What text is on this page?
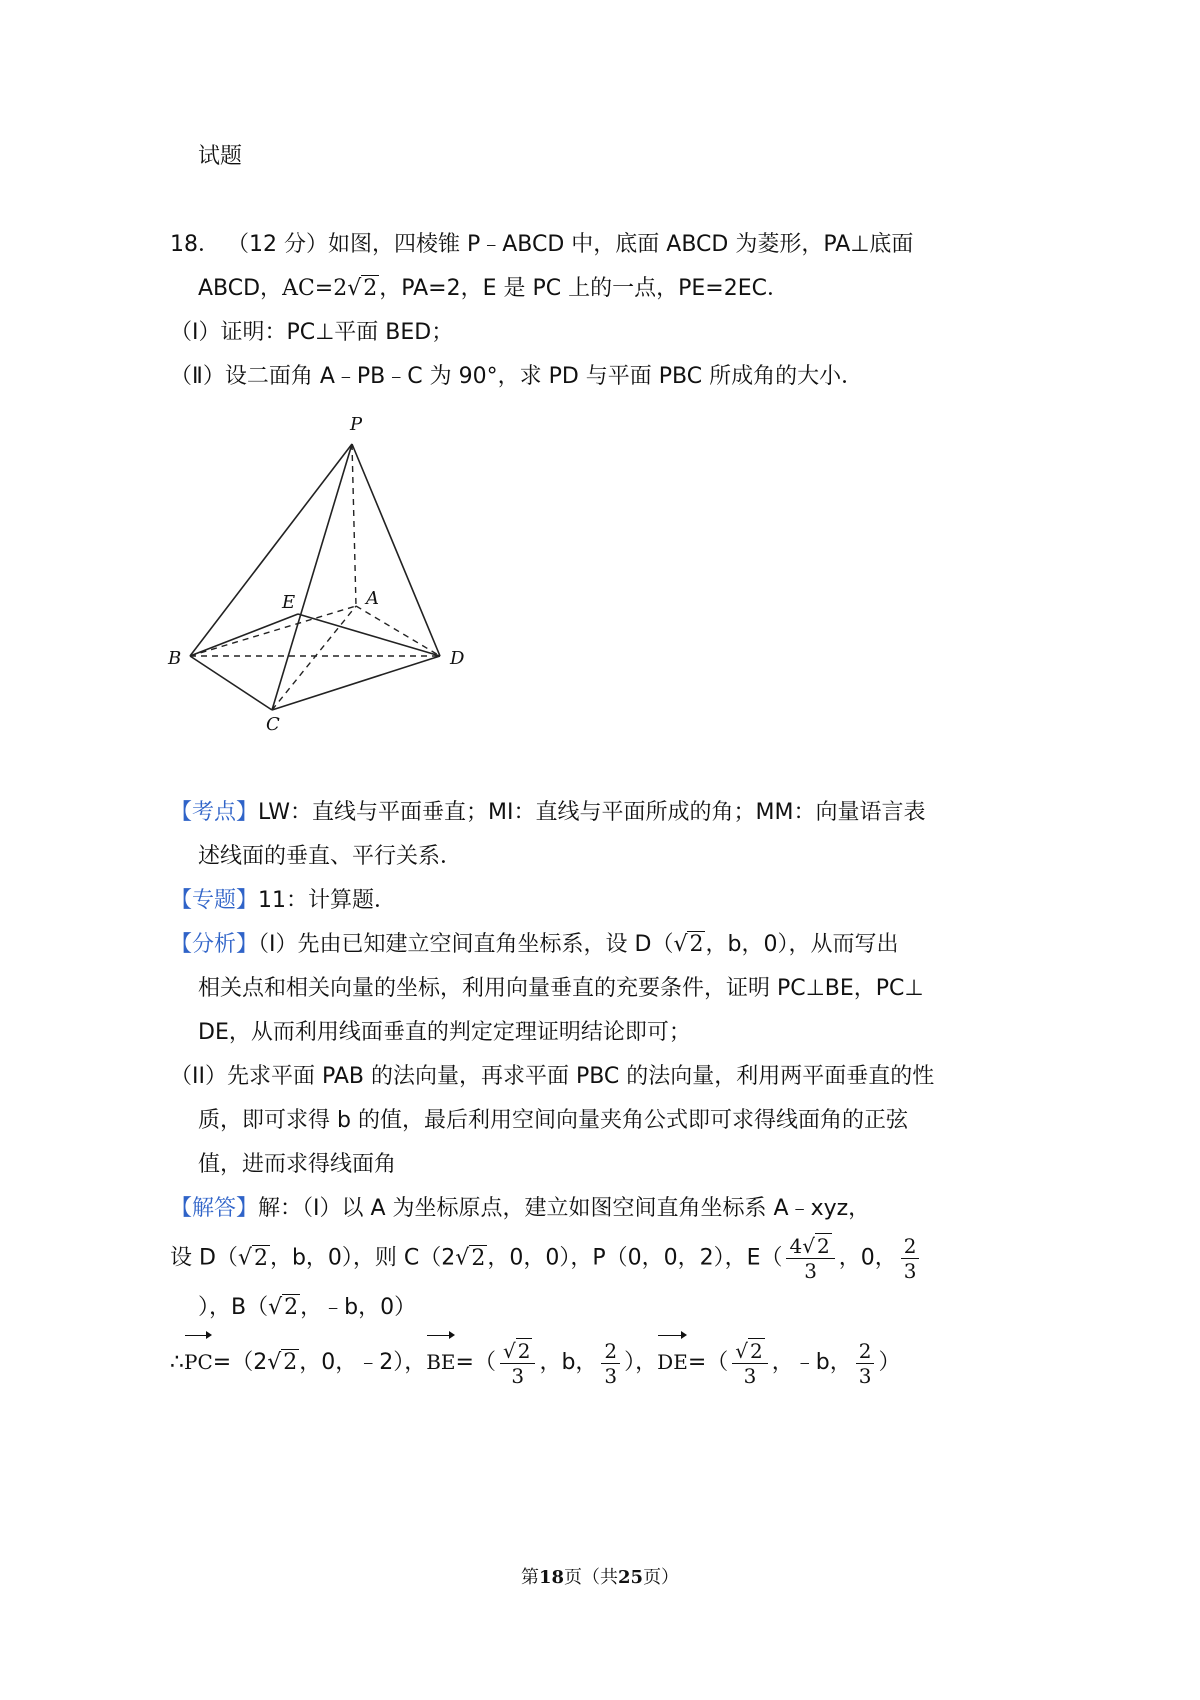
试题
18． （12 分）如图，四棱锥 P﹣ABCD 中，底面 ABCD 为菱形，PA⊥底面
ABCD，AC=2√2，PA=2，E 是 PC 上的一点，PE=2EC．
（Ⅰ）证明：PC⊥平面 BED；
（Ⅱ）设二面角 A﹣PB﹣C 为 90°，求 PD 与平面 PBC 所成角的大小．
P
A
E
B	D
C
【考点】LW：直线与平面垂直；MI：直线与平面所成的角；MM：向量语言表
述线面的垂直、平行关系．
【专题】11：计算题．
【分析】（I）先由已知建立空间直角坐标系，设 D（√2，b，0），从而写出
相关点和相关向量的坐标，利用向量垂直的充要条件，证明 PC⊥BE，PC⊥
DE，从而利用线面垂直的判定定理证明结论即可；
（II）先求平面 PAB 的法向量，再求平面 PBC 的法向量，利用两平面垂直的性
质，即可求得 b 的值，最后利用空间向量夹角公式即可求得线面角的正弦
值，进而求得线面角
【解答】解：（I）以 A 为坐标原点，建立如图空间直角坐标系 A﹣xyz，
设 D（√2，b，0），则 C（2√2，0，0），P（0，0，2），$E( \frac{4√ 2}{3}$ ，0， $\frac{2}{3}$
），B（√2，﹣b，0）
∴PC=（2√2，0，﹣2），$BE=( \frac{√ 2}{3}$ ，b， $\frac{2}{3}$ ），$DE=( \frac{√ 2}{3}$ ，﹣b， $\frac{2}{3}$ ）
第18页（共25页）
